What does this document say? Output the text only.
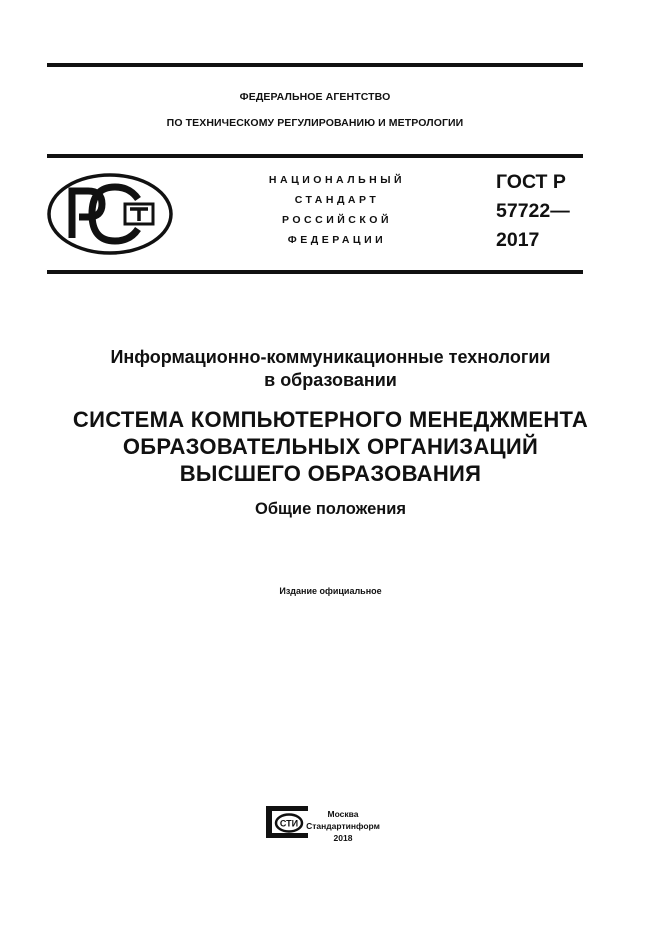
ФЕДЕРАЛЬНОЕ АГЕНТСТВО
ПО ТЕХНИЧЕСКОМУ РЕГУЛИРОВАНИЮ И МЕТРОЛОГИИ
НАЦИОНАЛЬНЫЙ
СТАНДАРТ
РОССИЙСКОЙ
ФЕДЕРАЦИИ
ГОСТ Р
57722—
2017
Информационно-коммуникационные технологии
в образовании
СИСТЕМА КОМПЬЮТЕРНОГО МЕНЕДЖМЕНТА
ОБРАЗОВАТЕЛЬНЫХ ОРГАНИЗАЦИЙ
ВЫСШЕГО ОБРАЗОВАНИЯ
Общие положения
Издание официальное
СТИ
Москва
Стандартинформ
2018
